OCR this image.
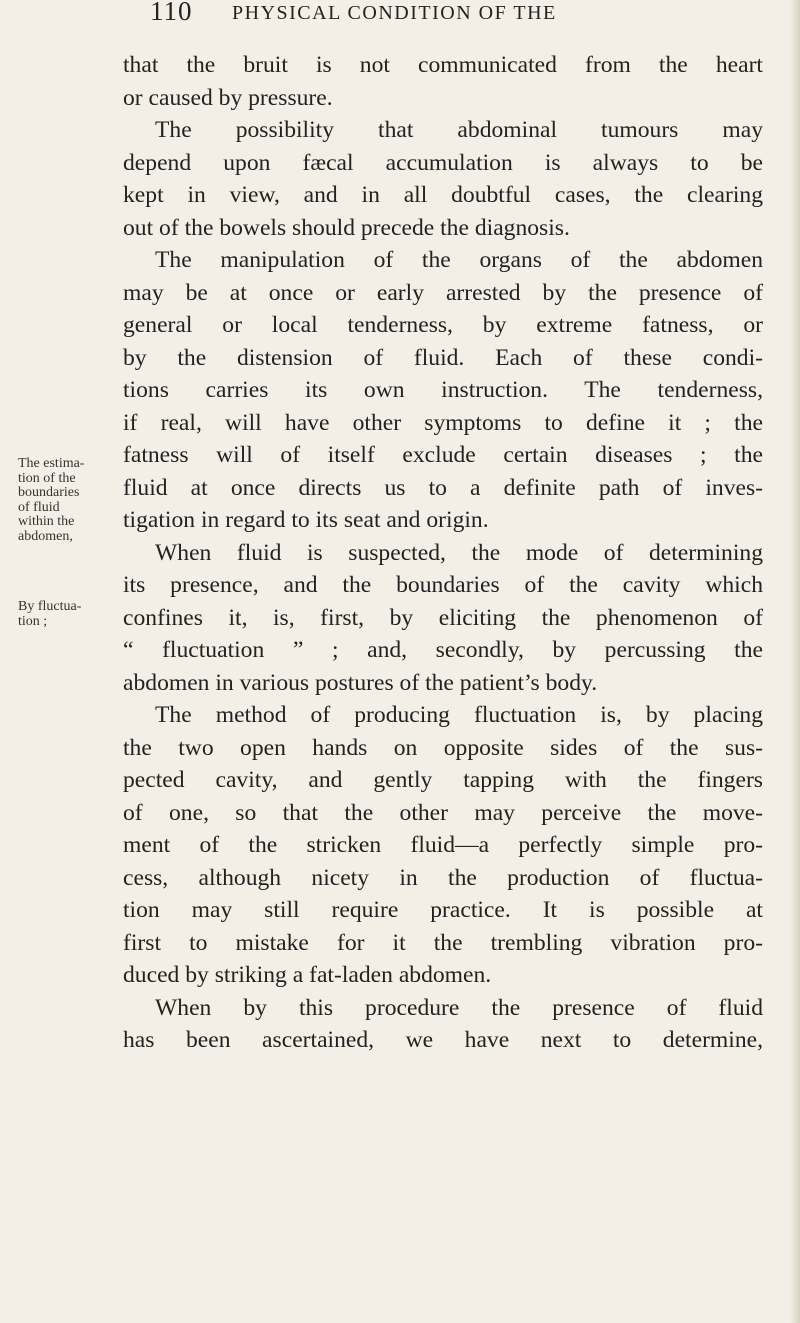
110 PHYSICAL CONDITION OF THE
The estima-
tion of the
boundaries
of fluid
within the
abdomen,
By fluctua-
tion ;
that the bruit is not communicated from the heart
or caused by pressure.
The possibility that abdominal tumours may
depend upon fæcal accumulation is always to be
kept in view, and in all doubtful cases, the clearing
out of the bowels should precede the diagnosis.
The manipulation of the organs of the abdomen
may be at once or early arrested by the presence of
general or local tenderness, by extreme fatness, or
by the distension of fluid. Each of these condi-
tions carries its own instruction. The tenderness,
if real, will have other symptoms to define it ; the
fatness will of itself exclude certain diseases ; the
fluid at once directs us to a definite path of inves-
tigation in regard to its seat and origin.
When fluid is suspected, the mode of determining
its presence, and the boundaries of the cavity which
confines it, is, first, by eliciting the phenomenon of
“ fluctuation ” ; and, secondly, by percussing the
abdomen in various postures of the patient’s body.
The method of producing fluctuation is, by placing
the two open hands on opposite sides of the sus-
pected cavity, and gently tapping with the fingers
of one, so that the other may perceive the move-
ment of the stricken fluid—a perfectly simple pro-
cess, although nicety in the production of fluctua-
tion may still require practice. It is possible at
first to mistake for it the trembling vibration pro-
duced by striking a fat-laden abdomen.
When by this procedure the presence of fluid
has been ascertained, we have next to determine,
